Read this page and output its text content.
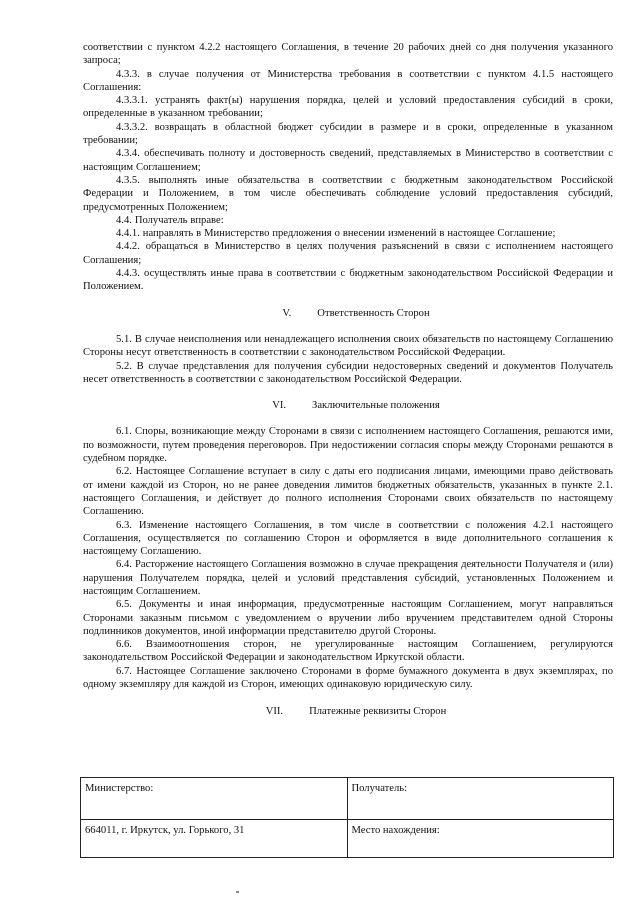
соответствии с пунктом 4.2.2 настоящего Соглашения, в течение 20 рабочих дней со дня получения указанного запроса;

4.3.3. в случае получения от Министерства требования в соответствии с пунктом 4.1.5 настоящего Соглашения:

4.3.3.1. устранять факт(ы) нарушения порядка, целей и условий предоставления субсидий в сроки, определенные в указанном требовании;

4.3.3.2. возвращать в областной бюджет субсидии в размере и в сроки, определенные в указанном требовании;

4.3.4. обеспечивать полноту и достоверность сведений, представляемых в Министерство в соответствии с настоящим Соглашением;

4.3.5. выполнять иные обязательства в соответствии с бюджетным законодательством Российской Федерации и Положением, в том числе обеспечивать соблюдение условий предоставления субсидий, предусмотренных Положением;

4.4. Получатель вправе:

4.4.1. направлять в Министерство предложения о внесении изменений в настоящее Соглашение;

4.4.2. обращаться в Министерство в целях получения разъяснений в связи с исполнением настоящего Соглашения;

4.4.3. осуществлять иные права в соответствии с бюджетным законодательством Российской Федерации и Положением.

V. Ответственность Сторон

5.1. В случае неисполнения или ненадлежащего исполнения своих обязательств по настоящему Соглашению Стороны несут ответственность в соответствии с законодательством Российской Федерации.

5.2. В случае представления для получения субсидии недостоверных сведений и документов Получатель несет ответственность в соответствии с законодательством Российской Федерации.

VI. Заключительные положения

6.1. Споры, возникающие между Сторонами в связи с исполнением настоящего Соглашения, решаются ими, по возможности, путем проведения переговоров. При недостижении согласия споры между Сторонами решаются в судебном порядке.

6.2. Настоящее Соглашение вступает в силу с даты его подписания лицами, имеющими право действовать от имени каждой из Сторон, но не ранее доведения лимитов бюджетных обязательств, указанных в пункте 2.1. настоящего Соглашения, и действует до полного исполнения Сторонами своих обязательств по настоящему Соглашению.

6.3. Изменение настоящего Соглашения, в том числе в соответствии с положения 4.2.1 настоящего Соглашения, осуществляется по соглашению Сторон и оформляется в виде дополнительного соглашения к настоящему Соглашению.

6.4. Расторжение настоящего Соглашения возможно в случае прекращения деятельности Получателя и (или) нарушения Получателем порядка, целей и условий представления субсидий, установленных Положением и настоящим Соглашением.

6.5. Документы и иная информация, предусмотренные настоящим Соглашением, могут направляться Сторонами заказным письмом с уведомлением о вручении либо вручением представителем одной Стороны подлинников документов, иной информации представителю другой Стороны.

6.6. Взаимоотношения сторон, не урегулированные настоящим Соглашением, регулируются законодательством Российской Федерации и законодательством Иркутской области.

6.7. Настоящее Соглашение заключено Сторонами в форме бумажного документа в двух экземплярах, по одному экземпляру для каждой из Сторон, имеющих одинаковую юридическую силу.

VII. Платежные реквизиты Сторон
Министерство:	Получатель:
664011, г. Иркутск, ул. Горького, 31	Место нахождения:
